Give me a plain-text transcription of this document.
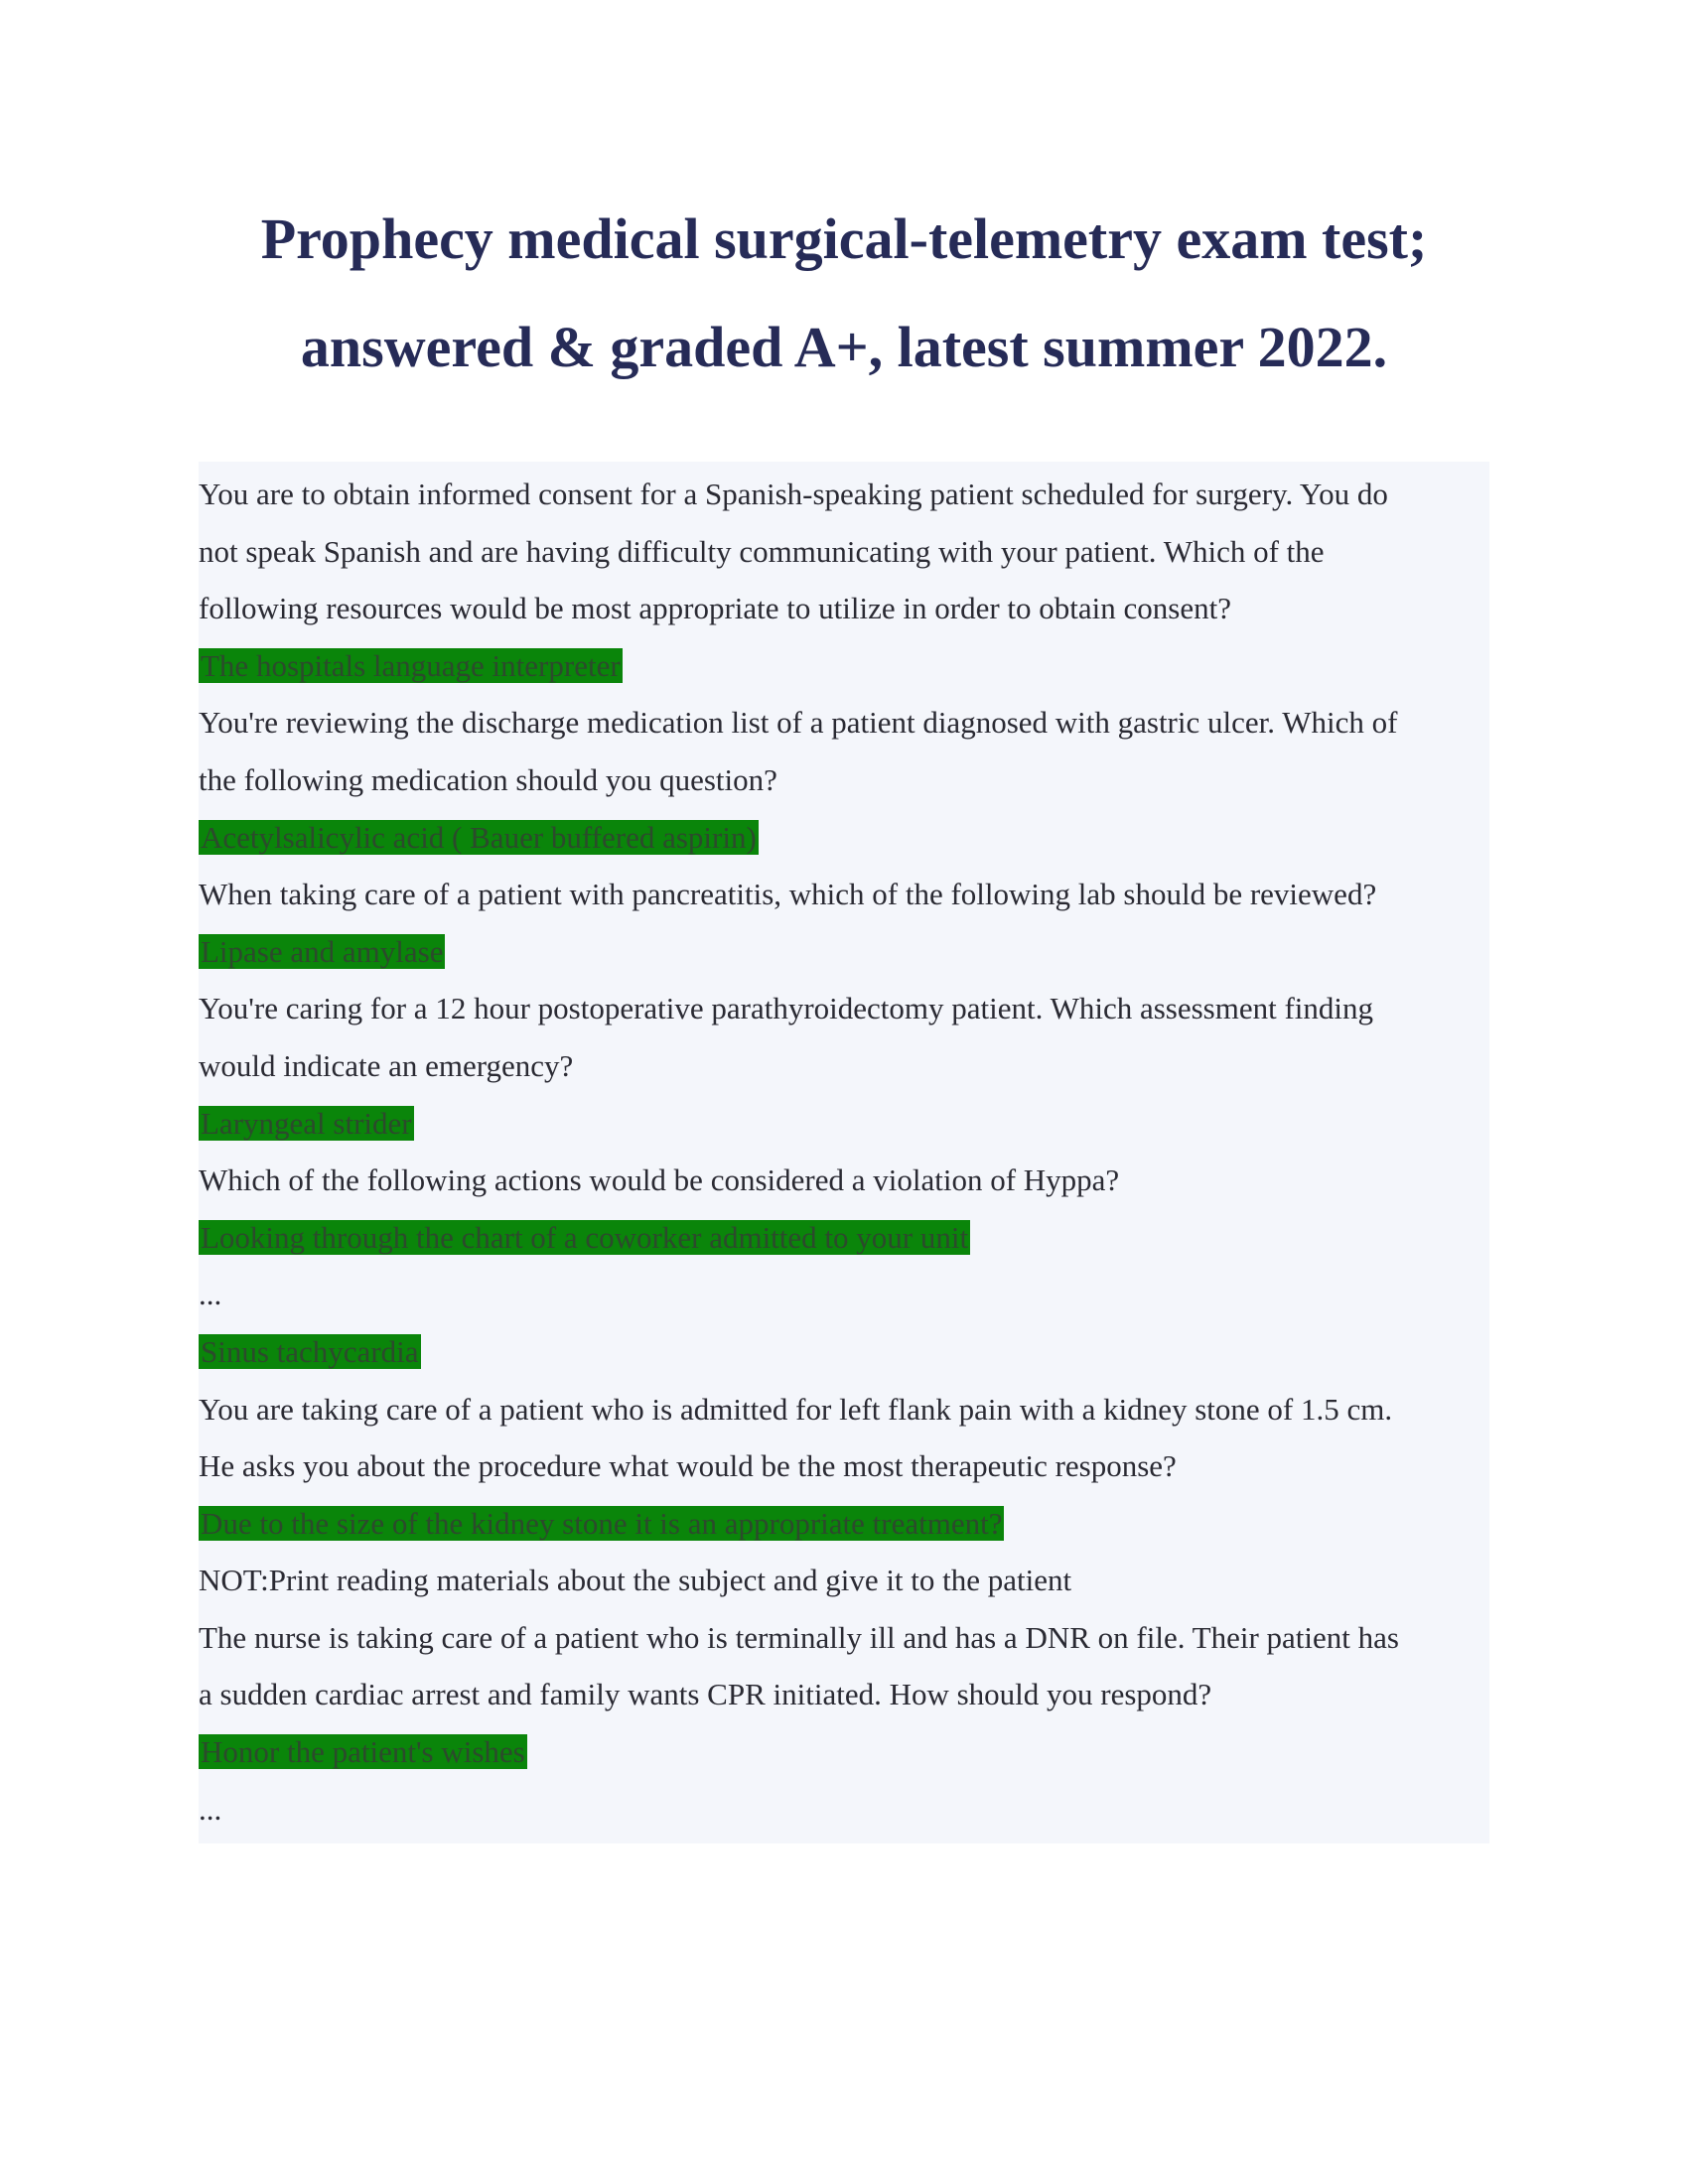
Prophecy medical surgical-telemetry exam test;
answered & graded A+, latest summer 2022.
You are to obtain informed consent for a Spanish-speaking patient scheduled for surgery. You do
not speak Spanish and are having difficulty communicating with your patient. Which of the
following resources would be most appropriate to utilize in order to obtain consent?
The hospitals language interpreter
You're reviewing the discharge medication list of a patient diagnosed with gastric ulcer. Which of
the following medication should you question?
Acetylsalicylic acid ( Bauer buffered aspirin)
When taking care of a patient with pancreatitis, which of the following lab should be reviewed?
Lipase and amylase
You're caring for a 12 hour postoperative parathyroidectomy patient. Which assessment finding
would indicate an emergency?
Laryngeal strider
Which of the following actions would be considered a violation of Hyppa?
Looking through the chart of a coworker admitted to your unit
...
Sinus tachycardia
You are taking care of a patient who is admitted for left flank pain with a kidney stone of 1.5 cm.
He asks you about the procedure what would be the most therapeutic response?
Due to the size of the kidney stone it is an appropriate treatment?
NOT:Print reading materials about the subject and give it to the patient
The nurse is taking care of a patient who is terminally ill and has a DNR on file. Their patient has
a sudden cardiac arrest and family wants CPR initiated. How should you respond?
Honor the patient's wishes
...
